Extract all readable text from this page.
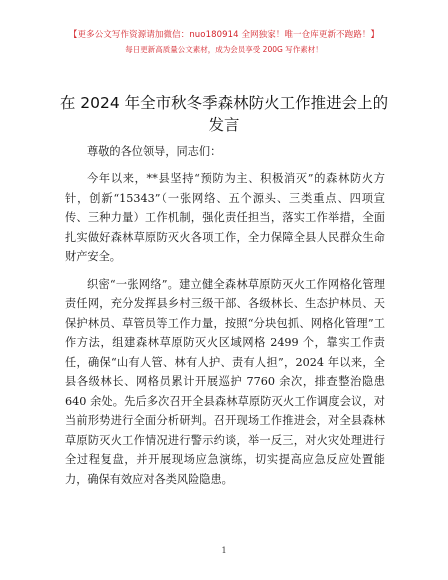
【更多公文写作资源请加微信：nuo180914 全网独家！唯一仓库更新不跑路！】
每日更新高质量公文素材，成为会员享受 200G 写作素材！
在 2024 年全市秋冬季森林防火工作推进会上的发言

尊敬的各位领导，同志们：

今年以来，**县坚持“预防为主、积极消灭”的森林防火方针，创新“15343”（一张网络、五个源头、三类重点、四项宣传、三种力量）工作机制，强化责任担当，落实工作举措，全面扎实做好森林草原防灭火各项工作，全力保障全县人民群众生命财产安全。

织密“一张网络”。建立健全森林草原防灭火工作网格化管理责任网，充分发挥县乡村三级干部、各级林长、生态护林员、天保护林员、草管员等工作力量，按照“分块包抓、网格化管理”工作方法，组建森林草原防灭火区域网格 2499 个，靠实工作责任，确保“山有人管、林有人护、责有人担”，2024 年以来，全县各级林长、网格员累计开展巡护 7760 余次，排查整治隐患 640 余处。先后多次召开全县森林草原防灭火工作调度会议，对当前形势进行全面分析研判。召开现场工作推进会，对全县森林草原防灭火工作情况进行警示约谈，举一反三，对火灾处理进行全过程复盘，并开展现场应急演练，切实提高应急反应处置能力，确保有效应对各类风险隐患。

1
